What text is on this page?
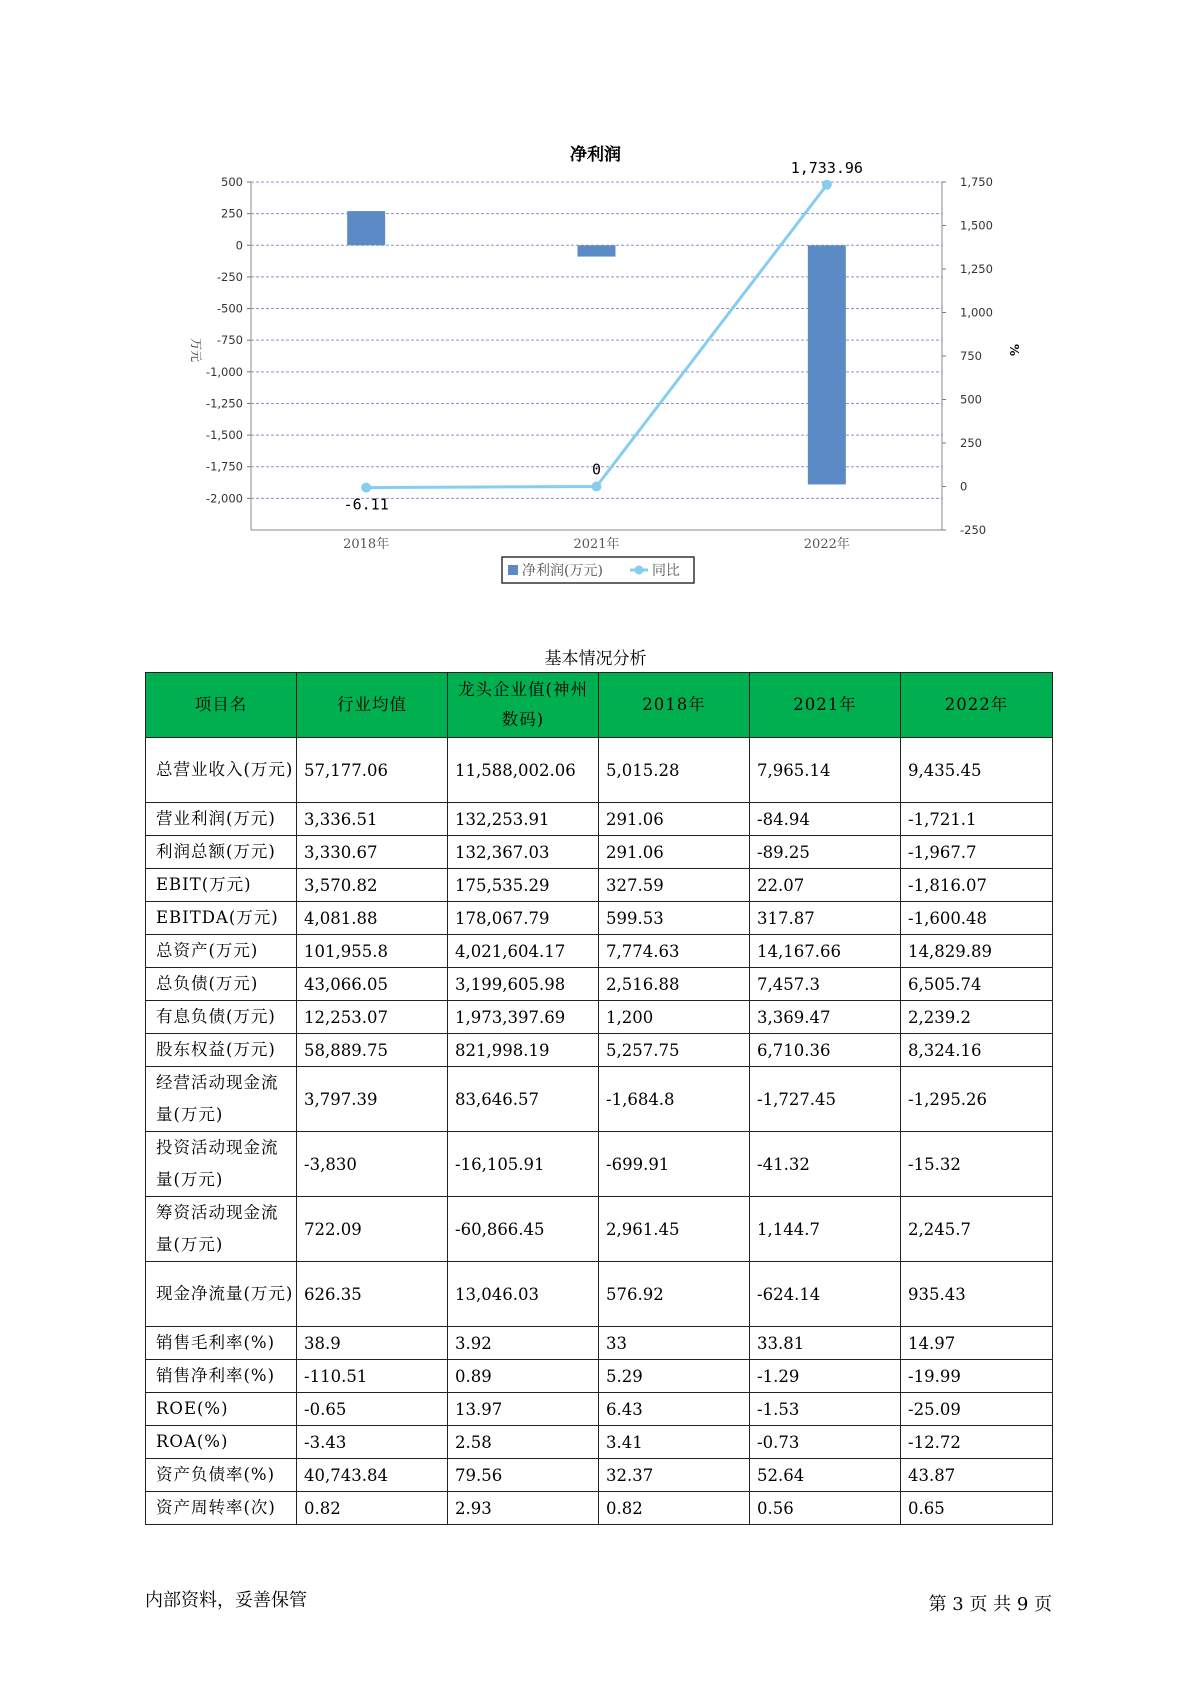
净利润
500
250
0
-250
-500
-750
-1,000
-1,250
-1,500
-1,750
-2,000
1,750
1,500
1,250
1,000
750
500
250
0
-250
2018年	2021年	2022年
万元	%
-6.11
0
1,733.96
净利润(万元)	同比
基本情况分析
项目名	行业均值	龙头企业值(神州数码)	2018年	2021年	2022年
总营业收入(万元)	57,177.06	11,588,002.06	5,015.28	7,965.14	9,435.45
营业利润(万元)	3,336.51	132,253.91	291.06	-84.94	-1,721.1
利润总额(万元)	3,330.67	132,367.03	291.06	-89.25	-1,967.7
EBIT(万元)	3,570.82	175,535.29	327.59	22.07	-1,816.07
EBITDA(万元)	4,081.88	178,067.79	599.53	317.87	-1,600.48
总资产(万元)	101,955.8	4,021,604.17	7,774.63	14,167.66	14,829.89
总负债(万元)	43,066.05	3,199,605.98	2,516.88	7,457.3	6,505.74
有息负债(万元)	12,253.07	1,973,397.69	1,200	3,369.47	2,239.2
股东权益(万元)	58,889.75	821,998.19	5,257.75	6,710.36	8,324.16
经营活动现金流量(万元)	3,797.39	83,646.57	-1,684.8	-1,727.45	-1,295.26
投资活动现金流量(万元)	-3,830	-16,105.91	-699.91	-41.32	-15.32
筹资活动现金流量(万元)	722.09	-60,866.45	2,961.45	1,144.7	2,245.7
现金净流量(万元)	626.35	13,046.03	576.92	-624.14	935.43
销售毛利率(%)	38.9	3.92	33	33.81	14.97
销售净利率(%)	-110.51	0.89	5.29	-1.29	-19.99
ROE(%)	-0.65	13.97	6.43	-1.53	-25.09
ROA(%)	-3.43	2.58	3.41	-0.73	-12.72
资产负债率(%)	40,743.84	79.56	32.37	52.64	43.87
资产周转率(次)	0.82	2.93	0.82	0.56	0.65
内部资料，妥善保管	第 3 页 共 9 页
